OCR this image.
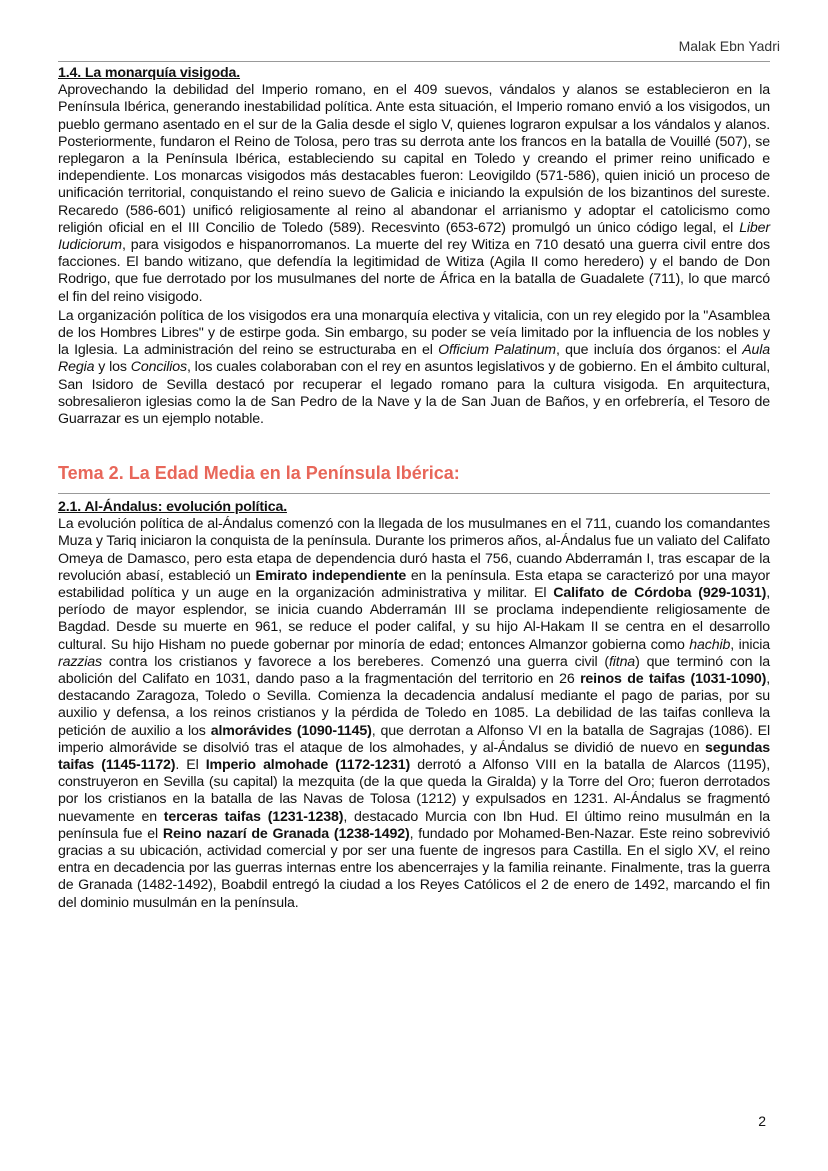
Malak Ebn Yadri

1.4. La monarquía visigoda.

Aprovechando la debilidad del Imperio romano, en el 409 suevos, vándalos y alanos se establecieron en la Península Ibérica, generando inestabilidad política. Ante esta situación, el Imperio romano envió a los visigodos, un pueblo germano asentado en el sur de la Galia desde el siglo V, quienes lograron expulsar a los vándalos y alanos. Posteriormente, fundaron el Reino de Tolosa, pero tras su derrota ante los francos en la batalla de Vouillé (507), se replegaron a la Península Ibérica, estableciendo su capital en Toledo y creando el primer reino unificado e independiente. Los monarcas visigodos más destacables fueron: Leovigildo (571-586), quien inició un proceso de unificación territorial, conquistando el reino suevo de Galicia e iniciando la expulsión de los bizantinos del sureste. Recaredo (586-601) unificó religiosamente al reino al abandonar el arrianismo y adoptar el catolicismo como religión oficial en el III Concilio de Toledo (589). Recesvinto (653-672) promulgó un único código legal, el Liber Iudiciorum, para visigodos e hispanorromanos. La muerte del rey Witiza en 710 desató una guerra civil entre dos facciones. El bando witizano, que defendía la legitimidad de Witiza (Agila II como heredero) y el bando de Don Rodrigo, que fue derrotado por los musulmanes del norte de África en la batalla de Guadalete (711), lo que marcó el fin del reino visigodo.

La organización política de los visigodos era una monarquía electiva y vitalicia, con un rey elegido por la "Asamblea de los Hombres Libres" y de estirpe goda. Sin embargo, su poder se veía limitado por la influencia de los nobles y la Iglesia. La administración del reino se estructuraba en el Officium Palatinum, que incluía dos órganos: el Aula Regia y los Concilios, los cuales colaboraban con el rey en asuntos legislativos y de gobierno. En el ámbito cultural, San Isidoro de Sevilla destacó por recuperar el legado romano para la cultura visigoda. En arquitectura, sobresalieron iglesias como la de San Pedro de la Nave y la de San Juan de Baños, y en orfebrería, el Tesoro de Guarrazar es un ejemplo notable.

Tema 2. La Edad Media en la Península Ibérica:

2.1. Al-Ándalus: evolución política.

La evolución política de al-Ándalus comenzó con la llegada de los musulmanes en el 711, cuando los comandantes Muza y Tariq iniciaron la conquista de la península. Durante los primeros años, al-Ándalus fue un valiato del Califato Omeya de Damasco, pero esta etapa de dependencia duró hasta el 756, cuando Abderramán I, tras escapar de la revolución abasí, estableció un Emirato independiente en la península. Esta etapa se caracterizó por una mayor estabilidad política y un auge en la organización administrativa y militar. El Califato de Córdoba (929-1031), período de mayor esplendor, se inicia cuando Abderramán III se proclama independiente religiosamente de Bagdad. Desde su muerte en 961, se reduce el poder califal, y su hijo Al-Hakam II se centra en el desarrollo cultural. Su hijo Hisham no puede gobernar por minoría de edad; entonces Almanzor gobierna como hachib, inicia razzias contra los cristianos y favorece a los bereberes. Comenzó una guerra civil (fitna) que terminó con la abolición del Califato en 1031, dando paso a la fragmentación del territorio en 26 reinos de taifas (1031-1090), destacando Zaragoza, Toledo o Sevilla. Comienza la decadencia andalusí mediante el pago de parias, por su auxilio y defensa, a los reinos cristianos y la pérdida de Toledo en 1085. La debilidad de las taifas conlleva la petición de auxilio a los almorávides (1090-1145), que derrotan a Alfonso VI en la batalla de Sagrajas (1086). El imperio almorávide se disolvió tras el ataque de los almohades, y al-Ándalus se dividió de nuevo en segundas taifas (1145-1172). El Imperio almohade (1172-1231) derrotó a Alfonso VIII en la batalla de Alarcos (1195), construyeron en Sevilla (su capital) la mezquita (de la que queda la Giralda) y la Torre del Oro; fueron derrotados por los cristianos en la batalla de las Navas de Tolosa (1212) y expulsados en 1231. Al-Ándalus se fragmentó nuevamente en terceras taifas (1231-1238), destacado Murcia con Ibn Hud. El último reino musulmán en la península fue el Reino nazarí de Granada (1238-1492), fundado por Mohamed-Ben-Nazar. Este reino sobrevivió gracias a su ubicación, actividad comercial y por ser una fuente de ingresos para Castilla. En el siglo XV, el reino entra en decadencia por las guerras internas entre los abencerrajes y la familia reinante. Finalmente, tras la guerra de Granada (1482-1492), Boabdil entregó la ciudad a los Reyes Católicos el 2 de enero de 1492, marcando el fin del dominio musulmán en la península.

2
